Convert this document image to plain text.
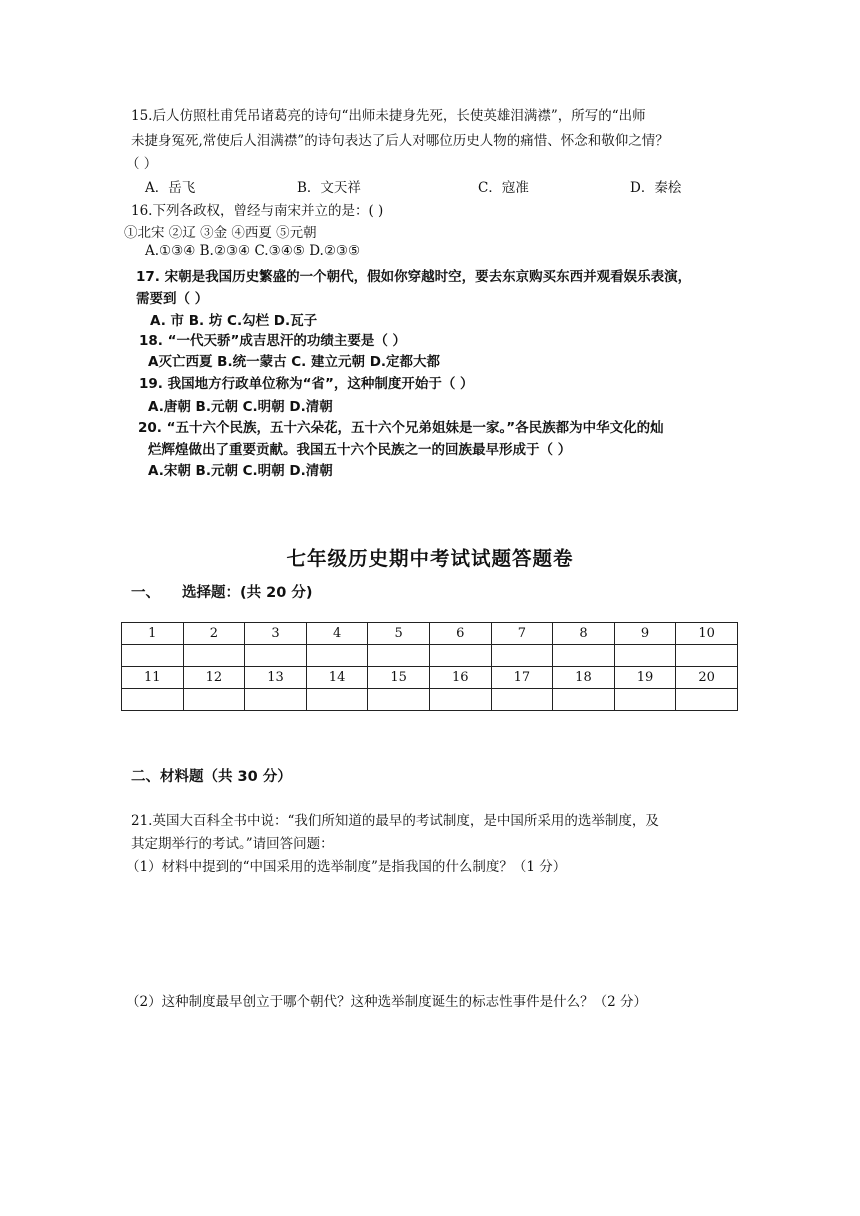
15.后人仿照杜甫凭吊诸葛亮的诗句“出师未捷身先死，长使英雄泪满襟”，所写的“出师
未捷身冤死,常使后人泪满襟”的诗句表达了后人对哪位历史人物的痛惜、怀念和敬仰之情？
（ ）
A．岳飞	B．文天祥	C．寇准	D．秦桧
16.下列各政权，曾经与南宋并立的是：( )
①北宋 ②辽 ③金 ④西夏 ⑤元朝
A.①③④ B.②③④ C.③④⑤ D.②③⑤
17. 宋朝是我国历史繁盛的一个朝代，假如你穿越时空，要去东京购买东西并观看娱乐表演，
需要到（ ）
A. 市 B. 坊 C.勾栏 D.瓦子
18. “一代天骄”成吉思汗的功绩主要是（ ）
A灭亡西夏 B.统一蒙古 C. 建立元朝 D.定都大都
19. 我国地方行政单位称为“省”，这种制度开始于（ ）
A.唐朝 B.元朝 C.明朝 D.清朝
20. “五十六个民族，五十六朵花，五十六个兄弟姐妹是一家。”各民族都为中华文化的灿
烂辉煌做出了重要贡献。我国五十六个民族之一的回族最早形成于（ ）
A.宋朝 B.元朝 C.明朝 D.清朝
七年级历史期中考试试题答题卷
一、 选择题：(共 20 分)
1	2	3	4	5	6	7	8	9	10

11	12	13	14	15	16	17	18	19	20

二、材料题（共 30 分）
21.英国大百科全书中说：“我们所知道的最早的考试制度，是中国所采用的选举制度，及
其定期举行的考试。”请回答问题：
（1）材料中提到的“中国采用的选举制度”是指我国的什么制度？（1 分）
（2）这种制度最早创立于哪个朝代？这种选举制度诞生的标志性事件是什么？（2 分）
